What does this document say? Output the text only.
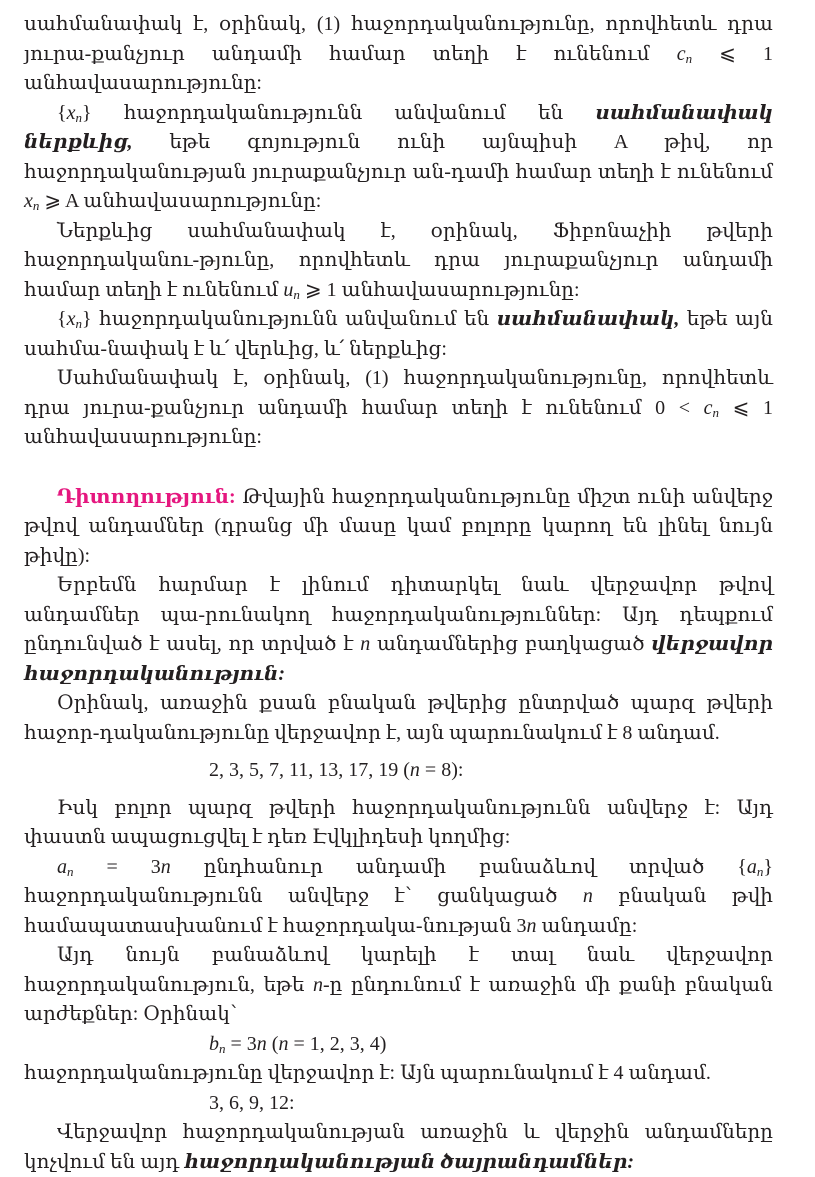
սահմանափակ է, օրինակ, (1) հաջորդականությունը, որովհետև դրա յուրա-քանչյուր անդամի համար տեղի է ունենում $c_n$ ⩽ 1 անհավասարությունը:

$\{x_n\}$ հաջորդականությունն անվանում են սահմանափակ ներքևից, եթե գոյություն ունի այնպիսի A թիվ, որ հաջորդականության յուրաքանչյուր ան-դամի համար տեղի է ունենում $x_n$ ⩾ A անհավասարությունը:

Ներքևից սահմանափակ է, օրինակ, Ֆիբոնաչիի թվերի հաջորդականու-թյունը, որովհետև դրա յուրաքանչյուր անդամի համար տեղի է ունենում $u_n$ ⩾ 1 անհավասարությունը:

$\{x_n\}$ հաջորդականությունն անվանում են սահմանափակ, եթե այն սահմա-նափակ է և՛ վերևից, և՛ ներքևից:

Սահմանափակ է, օրինակ, (1) հաջորդականությունը, որովհետև դրա յուրա-քանչյուր անդամի համար տեղի է ունենում $0 < c_n$ ⩽ 1 անհավասարությունը:

Դիտողություն: Թվային հաջորդականությունը միշտ ունի անվերջ թվով անդամներ (դրանց մի մասը կամ բոլորը կարող են լինել նույն թիվը):

Երբեմն հարմար է լինում դիտարկել նաև վերջավոր թվով անդամներ պա-րունակող հաջորդականություններ: Այդ դեպքում ընդունված է ասել, որ տրված է n անդամներից բաղկացած վերջավոր հաջորդականություն:

Օրինակ, առաջին քսան բնական թվերից ընտրված պարզ թվերի հաջոր-դականությունը վերջավոր է, այն պարունակում է 8 անդամ.

2, 3, 5, 7, 11, 13, 17, 19 (n = 8):

Իսկ բոլոր պարզ թվերի հաջորդականությունն անվերջ է: Այդ փաստն ապացուցվել է դեռ Էվկլիդեսի կողմից:

$a_n = 3n$ ընդհանուր անդամի բանաձևով տրված $\{a_n\}$ հաջորդականությունն անվերջ է՝ ցանկացած n բնական թվի համապատասխանում է հաջորդակա-նության 3n անդամը:

Այդ նույն բանաձևով կարելի է տալ նաև վերջավոր հաջորդականություն, եթե n-ը ընդունում է առաջին մի քանի բնական արժեքներ: Օրինակ՝

$b_n = 3n$ (n = 1, 2, 3, 4)

հաջորդականությունը վերջավոր է: Այն պարունակում է 4 անդամ.

3, 6, 9, 12:

Վերջավոր հաջորդականության առաջին և վերջին անդամները կոչվում են այդ հաջորդականության ծայրանդամներ:
